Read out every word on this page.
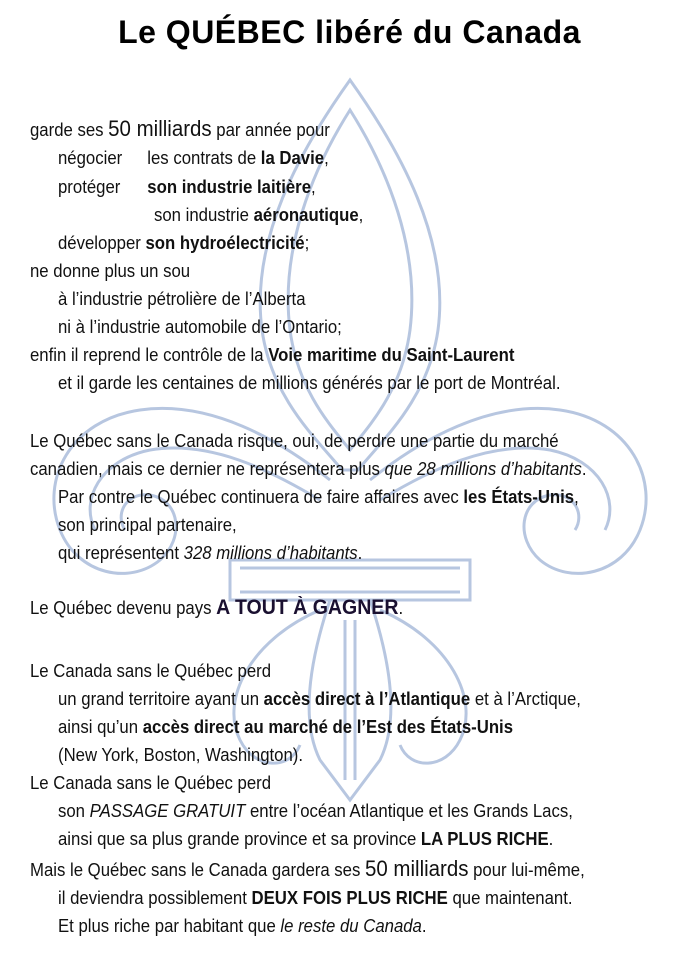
Le QUÉBEC libéré du Canada
garde ses 50 milliards par année pour
négocier les contrats de la Davie,
protéger son industrie laitière,
son industrie aéronautique,
développer son hydroélectricité;
ne donne plus un sou
à l’industrie pétrolière de l’Alberta
ni à l’industrie automobile de l’Ontario;
enfin il reprend le contrôle de la Voie maritime du Saint-Laurent
et il garde les centaines de millions générés par le port de Montréal.
Le Québec sans le Canada risque, oui, de perdre une partie du marché
canadien, mais ce dernier ne représentera plus que 28 millions d’habitants.
Par contre le Québec continuera de faire affaires avec les États-Unis,
son principal partenaire,
qui représentent 328 millions d’habitants.
Le Québec devenu pays A TOUT À GAGNER.
Le Canada sans le Québec perd
un grand territoire ayant un accès direct à l’Atlantique et à l’Arctique,
ainsi qu’un accès direct au marché de l’Est des États-Unis
(New York, Boston, Washington).
Le Canada sans le Québec perd
son PASSAGE GRATUIT entre l’océan Atlantique et les Grands Lacs,
ainsi que sa plus grande province et sa province LA PLUS RICHE.
Mais le Québec sans le Canada gardera ses 50 milliards pour lui-même,
il deviendra possiblement DEUX FOIS PLUS RICHE que maintenant.
Et plus riche par habitant que le reste du Canada.
